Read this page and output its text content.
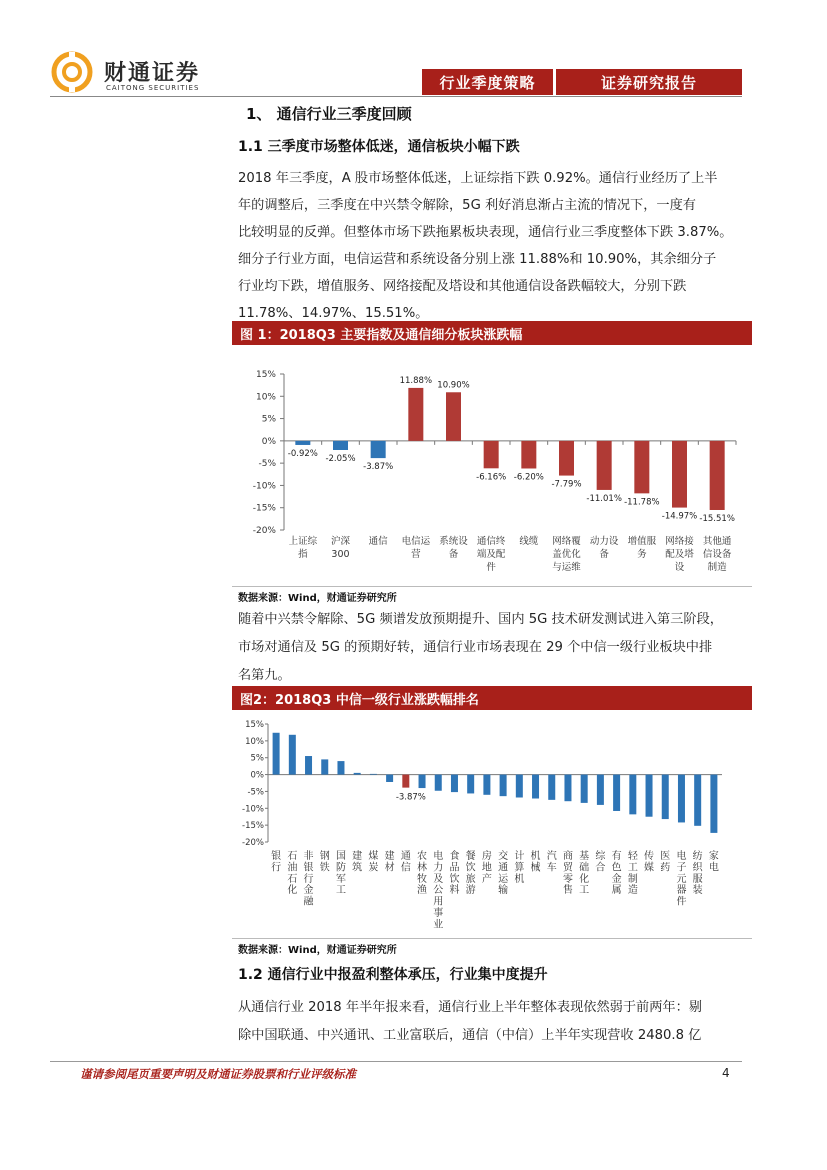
财通证券
CAITONG SECURITIES	行业季度策略	证券研究报告
1、 通信行业三季度回顾
1.1 三季度市场整体低迷，通信板块小幅下跌
2018 年三季度，A 股市场整体低迷，上证综指下跌 0.92%。通信行业经历了上半
年的调整后，三季度在中兴禁令解除，5G 利好消息渐占主流的情况下，一度有
比较明显的反弹。但整体市场下跌拖累板块表现，通信行业三季度整体下跌 3.87%。
细分子行业方面，电信运营和系统设备分别上涨 11.88%和 10.90%，其余细分子
行业均下跌，增值服务、网络接配及塔设和其他通信设备跌幅较大，分别下跌
11.78%、14.97%、15.51%。
图 1：2018Q3 主要指数及通信细分板块涨跌幅
15%
10%
5%
0%
-5%
-10%
-15%
-20%
-0.92%
上证综
指
-2.05%
沪深
300
-3.87%
通信
11.88%
电信运
营
10.90%
系统设
备
-6.16%
通信终
端及配
件
-6.20%
线缆
-7.79%
网络覆
盖优化
与运维
-11.01%
动力设
备
-11.78%
增值服
务
-14.97%
网络接
配及塔
设
-15.51%
其他通
信设备
制造
数据来源：Wind，财通证券研究所
随着中兴禁令解除、5G 频谱发放预期提升、国内 5G 技术研发测试进入第三阶段，
市场对通信及 5G 的预期好转，通信行业市场表现在 29 个中信一级行业板块中排
名第九。
图2：2018Q3 中信一级行业涨跌幅排名
15%
10%
5%
0%
-5%
-10%
-15%
-20%
银
行
石
油
石
化
非
银
行
金
融
钢
铁
国
防
军
工
建
筑
煤
炭
建
材
-3.87%
通
信
农
林
牧
渔
电
力
及
公
用
事
业
食
品
饮
料
餐
饮
旅
游
房
地
产
交
通
运
输
计
算
机
机
械
汽
车
商
贸
零
售
基
础
化
工
综
合
有
色
金
属
轻
工
制
造
传
媒
医
药
电
子
元
器
件
纺
织
服
装
家
电
数据来源：Wind，财通证券研究所
1.2 通信行业中报盈利整体承压，行业集中度提升
从通信行业 2018 年半年报来看，通信行业上半年整体表现依然弱于前两年：剔
除中国联通、中兴通讯、工业富联后，通信（中信）上半年实现营收 2480.8 亿
谨请参阅尾页重要声明及财通证券股票和行业评级标准	4
